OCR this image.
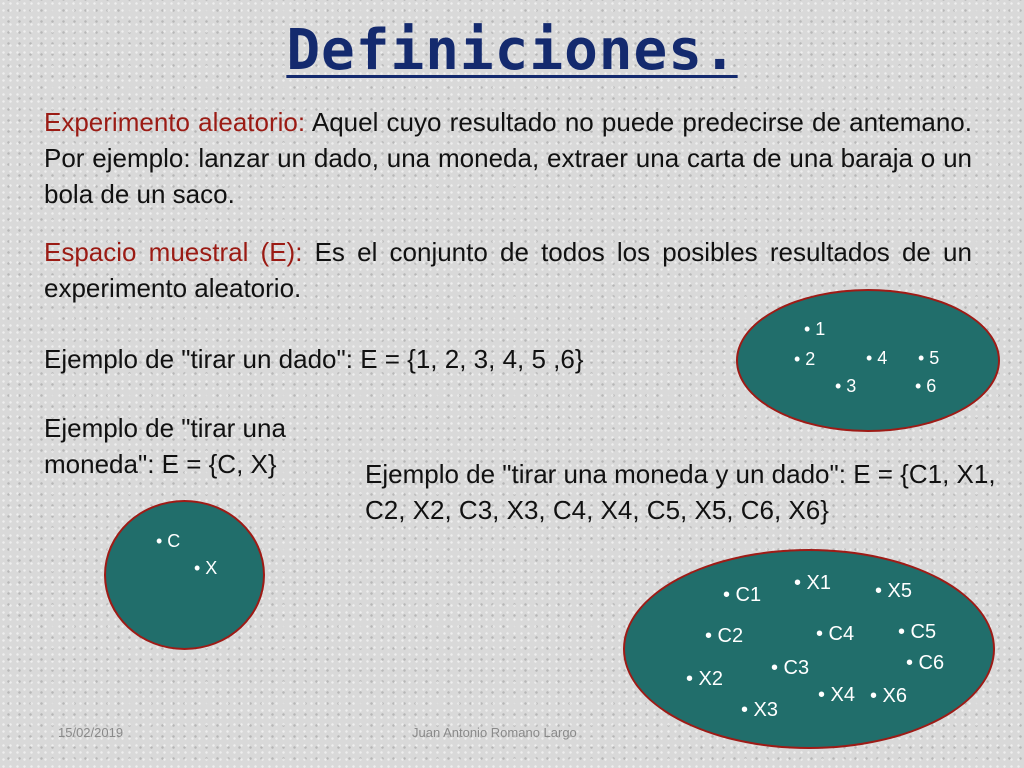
Definiciones.
Experimento aleatorio: Aquel cuyo resultado no puede predecirse de antemano. Por ejemplo: lanzar un dado, una moneda, extraer una carta de una baraja o un bola de un saco.
Espacio muestral (E): Es el conjunto de todos los posibles resultados de un experimento aleatorio.
Ejemplo de "tirar un dado": E = {1, 2, 3, 4, 5 ,6}
Ejemplo de "tirar una moneda": E = {C, X}	Ejemplo de "tirar una moneda y un dado": E = {C1, X1, C2, X2, C3, X3, C4, X4, C5, X5, C6, X6}
• 1
• 2	• 4 • 5
• 3	• 6
• C
• X
• X1
• C1	• X5
• C2	• C4 • C5
• C3	• C6
• X2
• X4 • X6
• X3
15/02/2019	Juan Antonio Romano Largo
